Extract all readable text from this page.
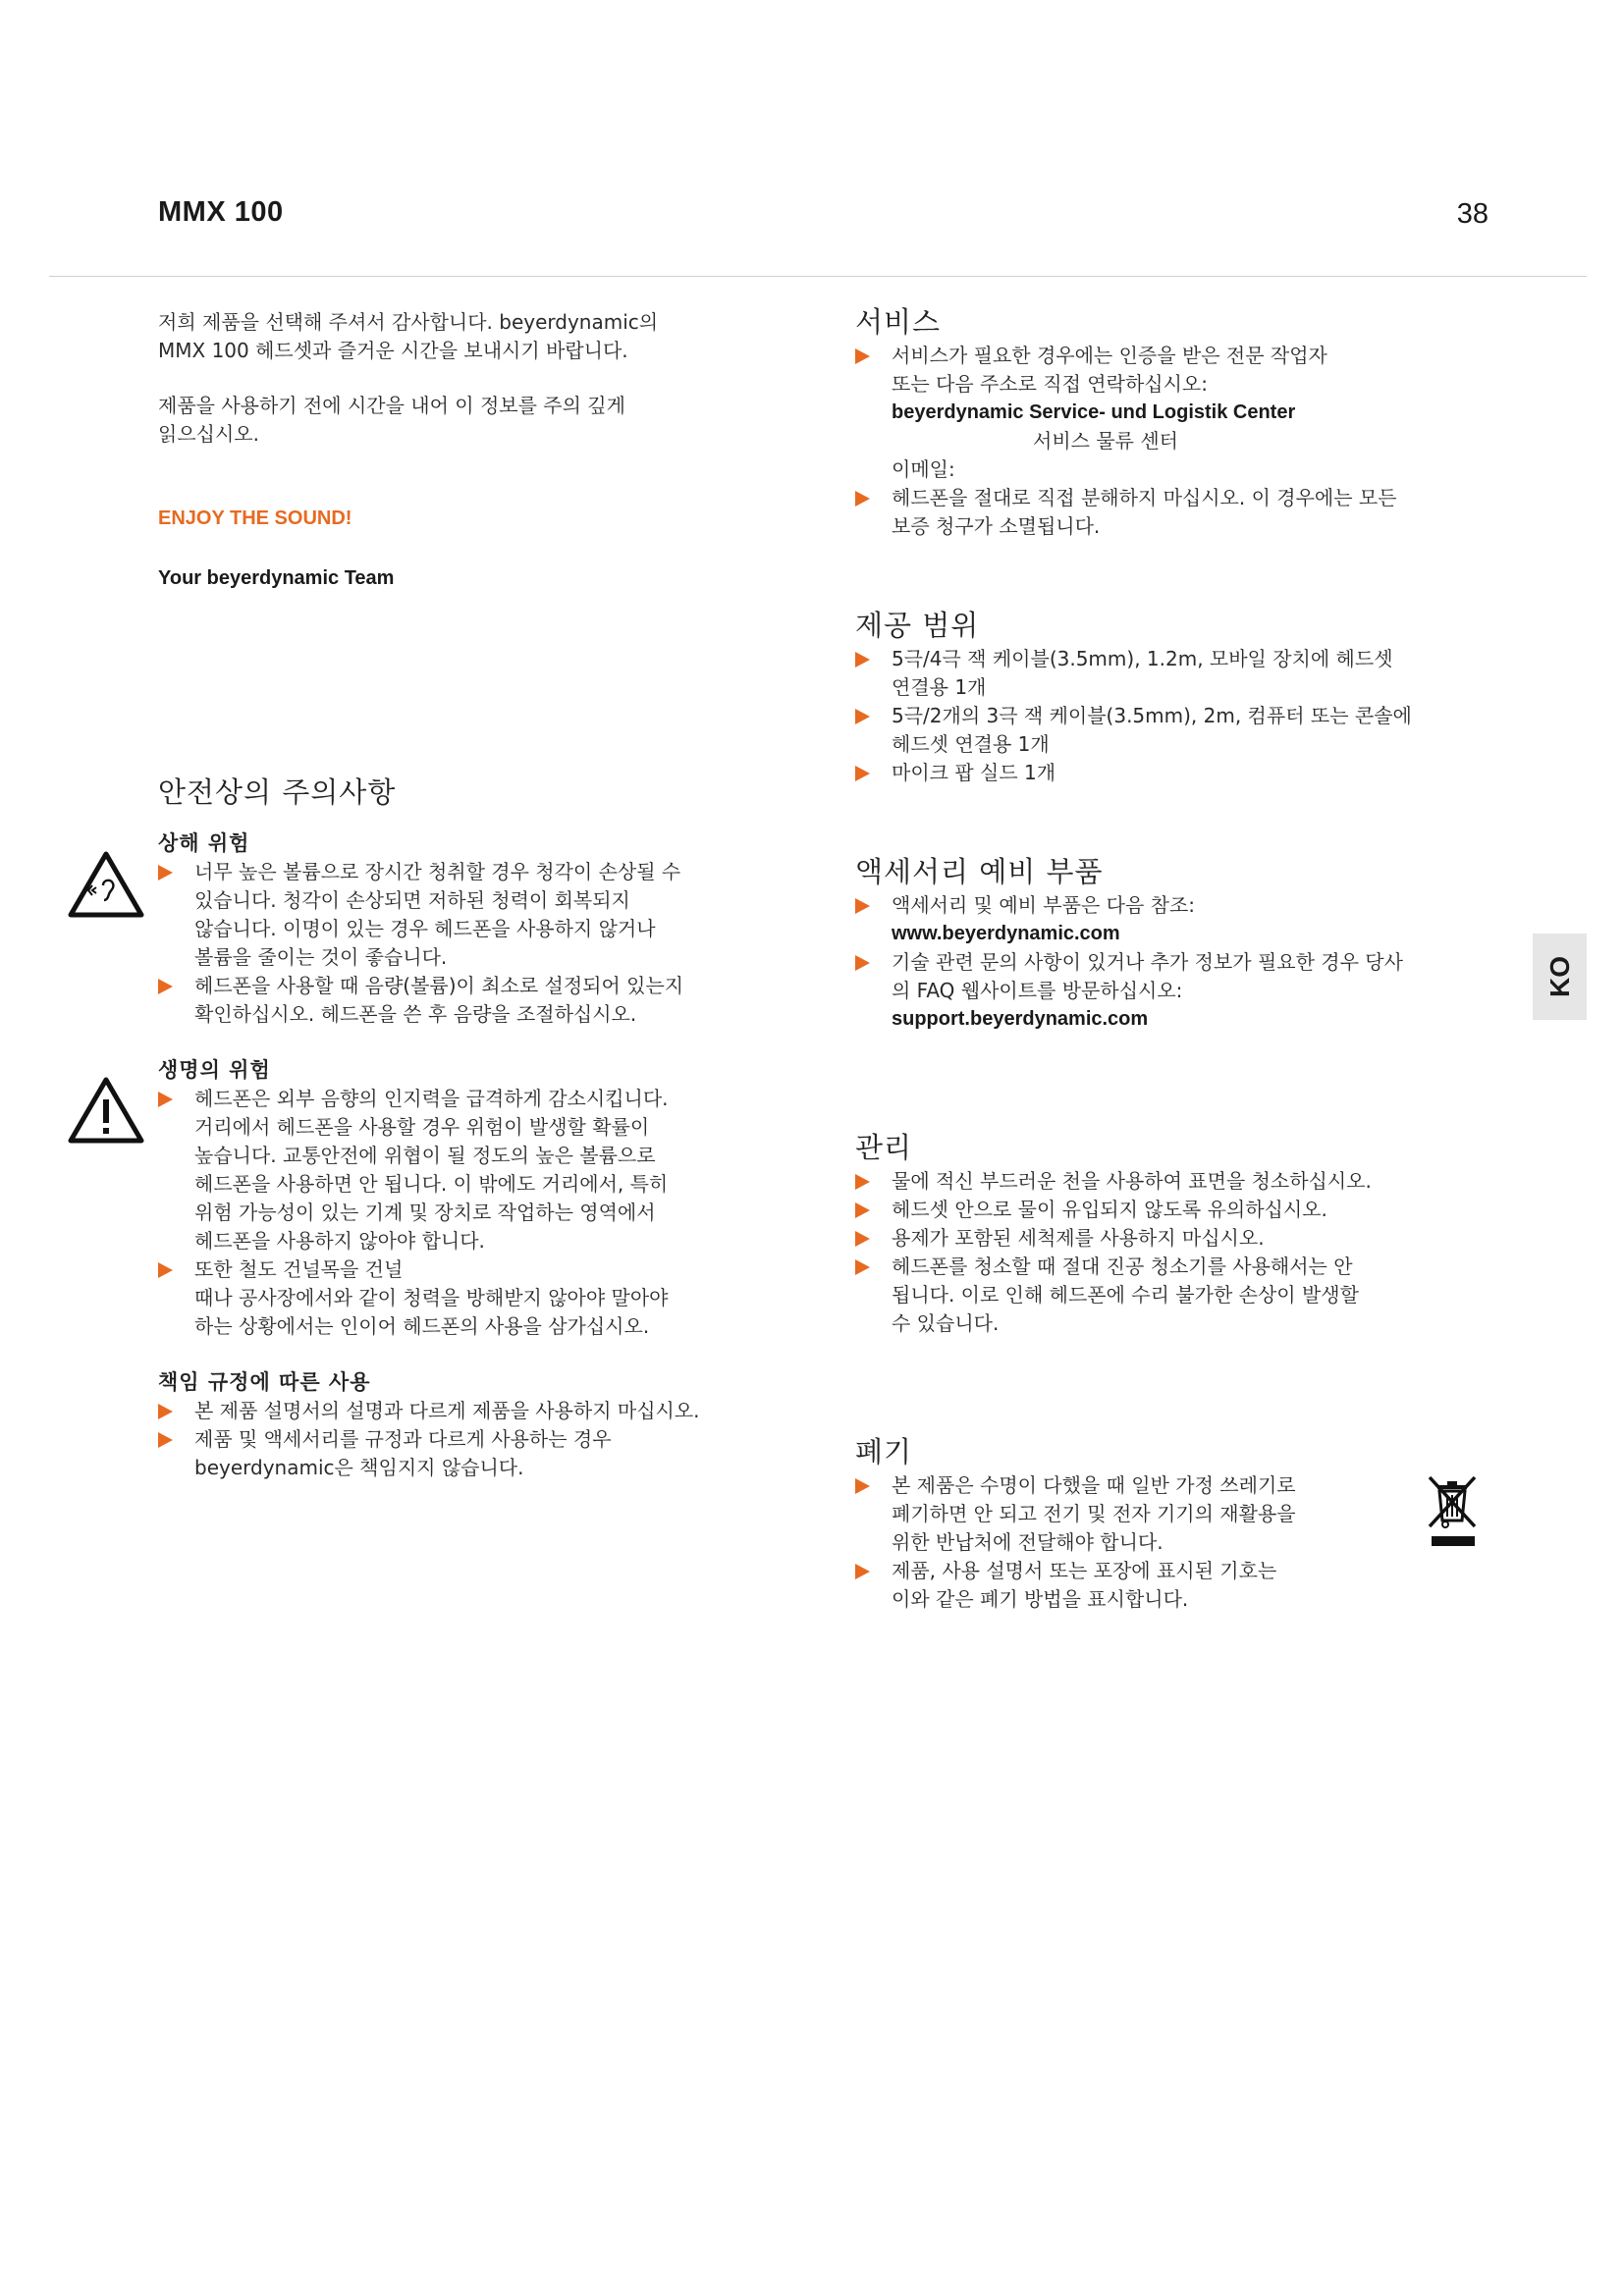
MMX 100	38
KO
저희 제품을 선택해 주셔서 감사합니다. beyerdynamic의
MMX 100 헤드셋과 즐거운 시간을 보내시기 바랍니다.
제품을 사용하기 전에 시간을 내어 이 정보를 주의 깊게
읽으십시오.
ENJOY THE SOUND!
Your beyerdynamic Team
안전상의 주의사항
상해 위험
너무 높은 볼륨으로 장시간 청취할 경우 청각이 손상될 수
있습니다. 청각이 손상되면 저하된 청력이 회복되지
않습니다. 이명이 있는 경우 헤드폰을 사용하지 않거나
볼륨을 줄이는 것이 좋습니다.
헤드폰을 사용할 때 음량(볼륨)이 최소로 설정되어 있는지
확인하십시오. 헤드폰을 쓴 후 음량을 조절하십시오.
생명의 위험
헤드폰은 외부 음향의 인지력을 급격하게 감소시킵니다.
거리에서 헤드폰을 사용할 경우 위험이 발생할 확률이
높습니다. 교통안전에 위협이 될 정도의 높은 볼륨으로
헤드폰을 사용하면 안 됩니다. 이 밖에도 거리에서, 특히
위험 가능성이 있는 기계 및 장치로 작업하는 영역에서
헤드폰을 사용하지 않아야 합니다.
또한 철도 건널목을 건널
때나 공사장에서와 같이 청력을 방해받지 않아야 말아야
하는 상황에서는 인이어 헤드폰의 사용을 삼가십시오.
책임 규정에 따른 사용
본 제품 설명서의 설명과 다르게 제품을 사용하지 마십시오.
제품 및 액세서리를 규정과 다르게 사용하는 경우
beyerdynamic은 책임지지 않습니다.
서비스
서비스가 필요한 경우에는 인증을 받은 전문 작업자
또는 다음 주소로 직접 연락하십시오:
beyerdynamic Service- und Logistik Center
서비스 물류 센터
이메일:
헤드폰을 절대로 직접 분해하지 마십시오. 이 경우에는 모든
보증 청구가 소멸됩니다.
제공 범위
5극/4극 잭 케이블(3.5mm), 1.2m, 모바일 장치에 헤드셋
연결용 1개
5극/2개의 3극 잭 케이블(3.5mm), 2m, 컴퓨터 또는 콘솔에
헤드셋 연결용 1개
마이크 팝 실드 1개
액세서리 예비 부품
액세서리 및 예비 부품은 다음 참조:
www.beyerdynamic.com
기술 관련 문의 사항이 있거나 추가 정보가 필요한 경우 당사
의 FAQ 웹사이트를 방문하십시오:
support.beyerdynamic.com
관리
물에 적신 부드러운 천을 사용하여 표면을 청소하십시오.
헤드셋 안으로 물이 유입되지 않도록 유의하십시오.
용제가 포함된 세척제를 사용하지 마십시오.
헤드폰를 청소할 때 절대 진공 청소기를 사용해서는 안
됩니다. 이로 인해 헤드폰에 수리 불가한 손상이 발생할
수 있습니다.
폐기
본 제품은 수명이 다했을 때 일반 가정 쓰레기로
폐기하면 안 되고 전기 및 전자 기기의 재활용을
위한 반납처에 전달해야 합니다.
제품, 사용 설명서 또는 포장에 표시된 기호는
이와 같은 폐기 방법을 표시합니다.
